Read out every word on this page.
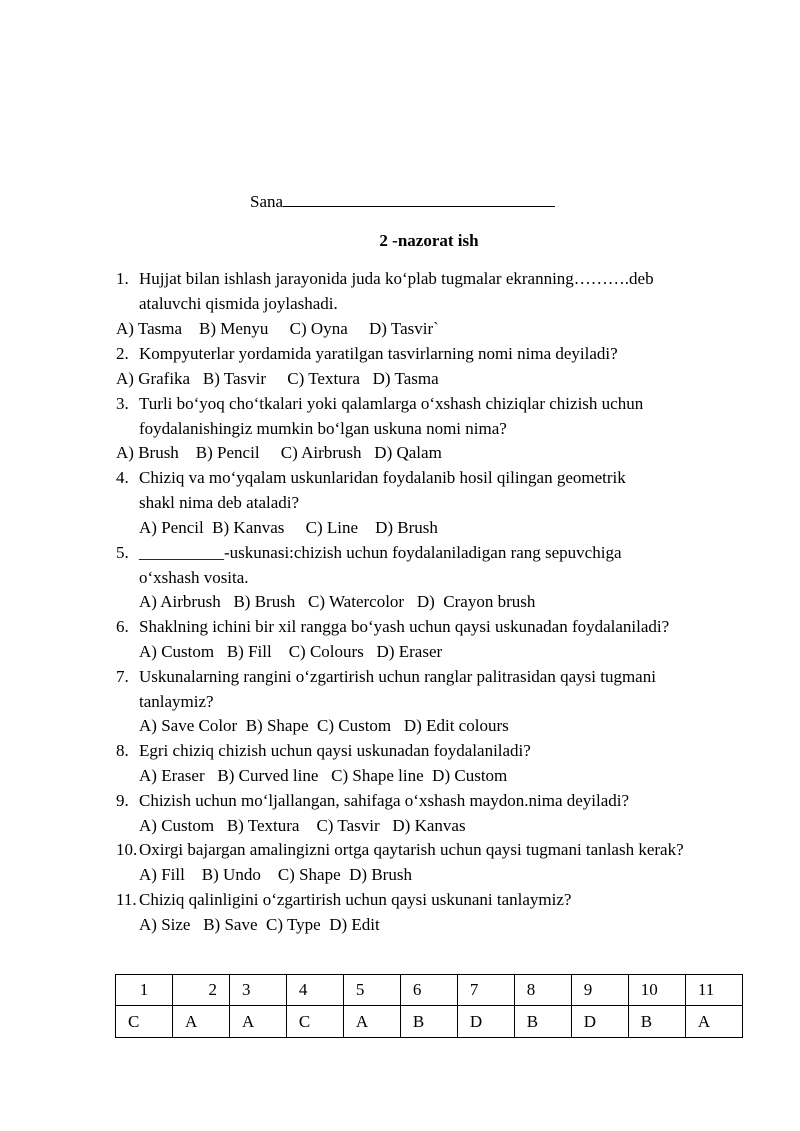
Sana
2 -nazorat ish
1. Hujjat bilan ishlash jarayonida juda ko‘plab tugmalar ekranning……….deb
ataluvchi qismida joylashadi.
A) Tasma    B) Menyu     C) Oyna     D) Tasvir`
2. Kompyuterlar yordamida yaratilgan tasvirlarning nomi nima deyiladi?
A) Grafika   B) Tasvir     C) Textura   D) Tasma
3. Turli bo‘yoq cho‘tkalari yoki qalamlarga o‘xshash chiziqlar chizish uchun
foydalanishingiz mumkin bo‘lgan uskuna nomi nima?
A) Brush    B) Pencil     C) Airbrush   D) Qalam
4. Chiziq va mo‘yqalam uskunlaridan foydalanib hosil qilingan geometrik
shakl nima deb ataladi?
A) Pencil  B) Kanvas     C) Line    D) Brush
5. __________-uskunasi:chizish uchun foydalaniladigan rang sepuvchiga
o‘xshash vosita.
A) Airbrush   B) Brush   C) Watercolor   D)  Crayon brush
6. Shaklning ichini bir xil rangga bo‘yash uchun qaysi uskunadan foydalaniladi?
A) Custom   B) Fill    C) Colours   D) Eraser
7. Uskunalarning rangini o‘zgartirish uchun ranglar palitrasidan qaysi tugmani
tanlaymiz?
A) Save Color  B) Shape  C) Custom   D) Edit colours
8. Egri chiziq chizish uchun qaysi uskunadan foydalaniladi?
A) Eraser   B) Curved line   C) Shape line  D) Custom
9. Chizish uchun mo‘ljallangan, sahifaga o‘xshash maydon.nima deyiladi?
A) Custom   B) Textura    C) Tasvir   D) Kanvas
10. Oxirgi bajargan amalingizni ortga qaytarish uchun qaysi tugmani tanlash kerak?
A) Fill    B) Undo    C) Shape  D) Brush
11. Chiziq qalinligini o‘zgartirish uchun qaysi uskunani tanlaymiz?
A) Size   B) Save  C) Type  D) Edit
1	2	3	4	5	6	7	8	9	10	11
C	A	A	C	A	B	D	B	D	B	A
